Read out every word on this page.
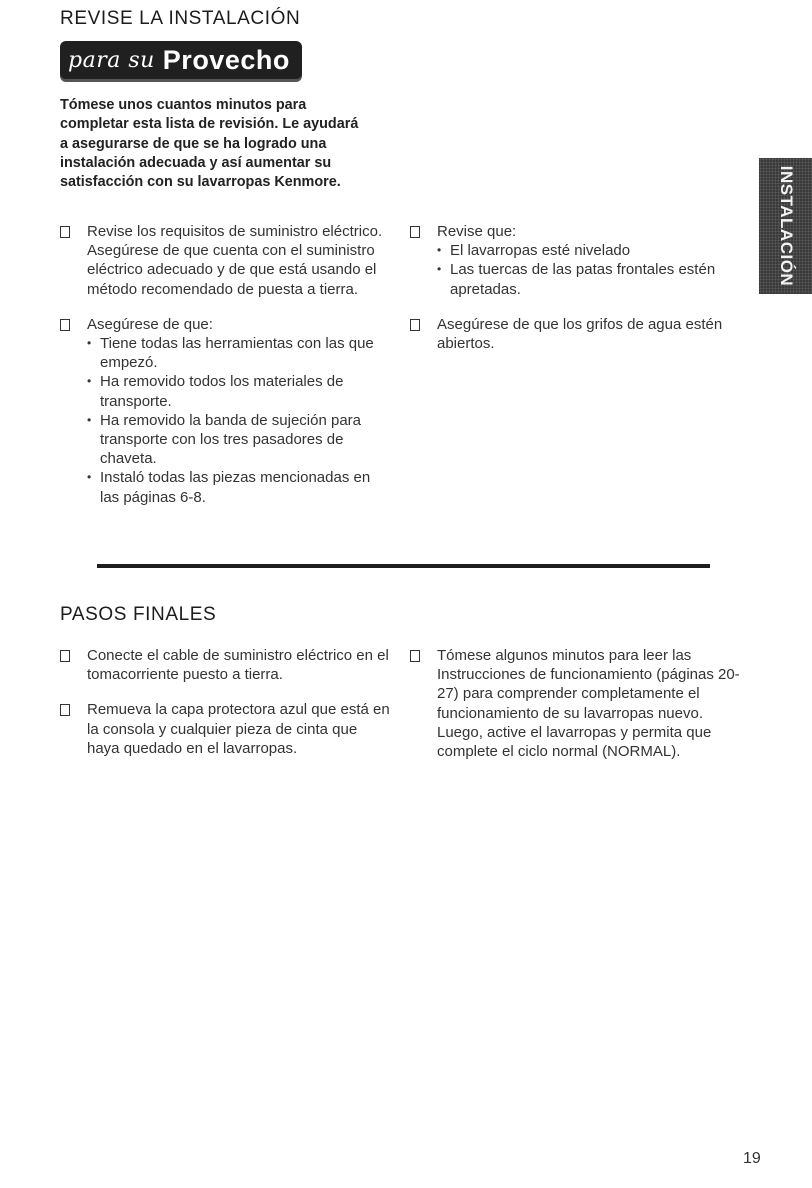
REVISE LA INSTALACIÓN
para su Provecho

Tómese unos cuantos minutos para completar esta lista de revisión. Le ayudará a asegurarse de que se ha logrado una instalación adecuada y así aumentar su satisfacción con su lavarropas Kenmore.

Revise los requisitos de suministro eléctrico. Asegúrese de que cuenta con el suministro eléctrico adecuado y de que está usando el método recomendado de puesta a tierra.
Asegúrese de que:
• Tiene todas las herramientas con las que empezó.
• Ha removido todos los materiales de transporte.
• Ha removido la banda de sujeción para transporte con los tres pasadores de chaveta.
• Instaló todas las piezas mencionadas en las páginas 6-8.
Revise que:
• El lavarropas esté nivelado
• Las tuercas de las patas frontales estén apretadas.
Asegúrese de que los grifos de agua estén abiertos.
PASOS FINALES
Conecte el cable de suministro eléctrico en el tomacorriente puesto a tierra.
Remueva la capa protectora azul que está en la consola y cualquier pieza de cinta que haya quedado en el lavarropas.
Tómese algunos minutos para leer las Instrucciones de funcionamiento (páginas 20-27) para comprender completamente el funcionamiento de su lavarropas nuevo. Luego, active el lavarropas y permita que complete el ciclo normal (NORMAL).
INSTALACIÓN
19
